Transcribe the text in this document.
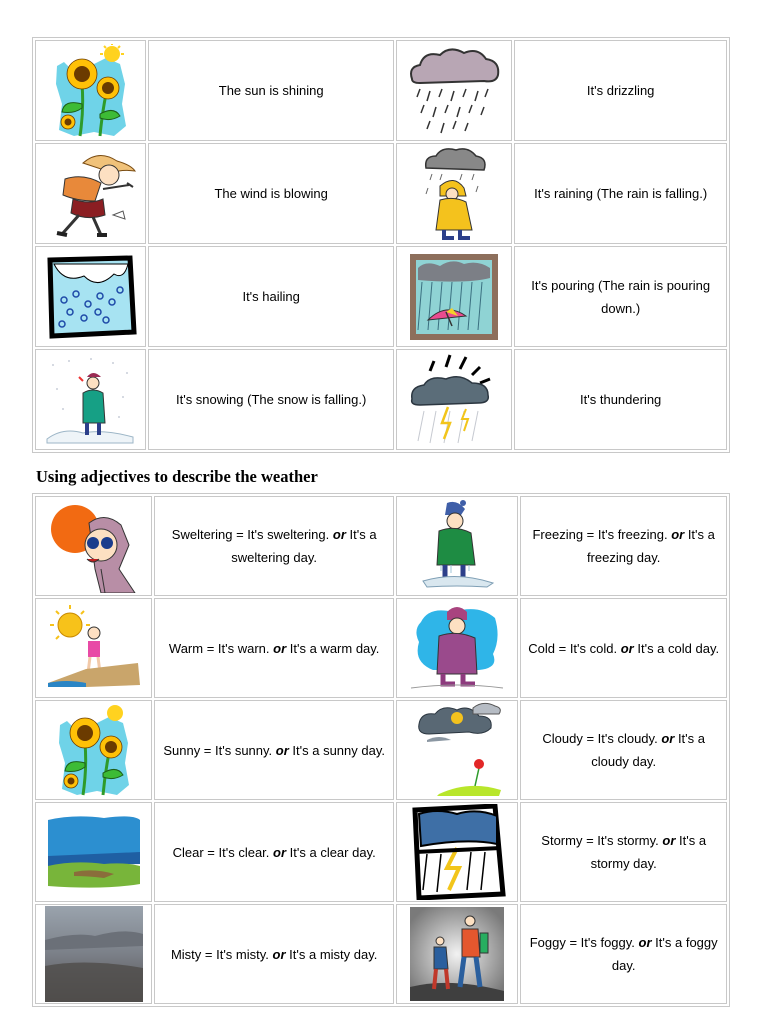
	The sun is shining		It's drizzling

	The wind is blowing		It's raining (The rain is falling.)

	It's hailing		It's pouring (The rain is pouring down.)

	It's snowing (The snow is falling.)		It's thundering
Using adjectives to describe the weather
	Sweltering = It's sweltering. or It's a sweltering day.		Freezing = It's freezing. or It's a freezing day.

	Warm = It's warn. or It's a warm day.		Cold = It's cold. or It's a cold day.

	Sunny = It's sunny. or It's a sunny day.		Cloudy = It's cloudy. or It's a cloudy day.

	Clear = It's clear. or It's a clear day.		Stormy = It's stormy. or It's a stormy day.

	Misty = It's misty. or It's a misty day.		Foggy = It's foggy. or It's a foggy day.
